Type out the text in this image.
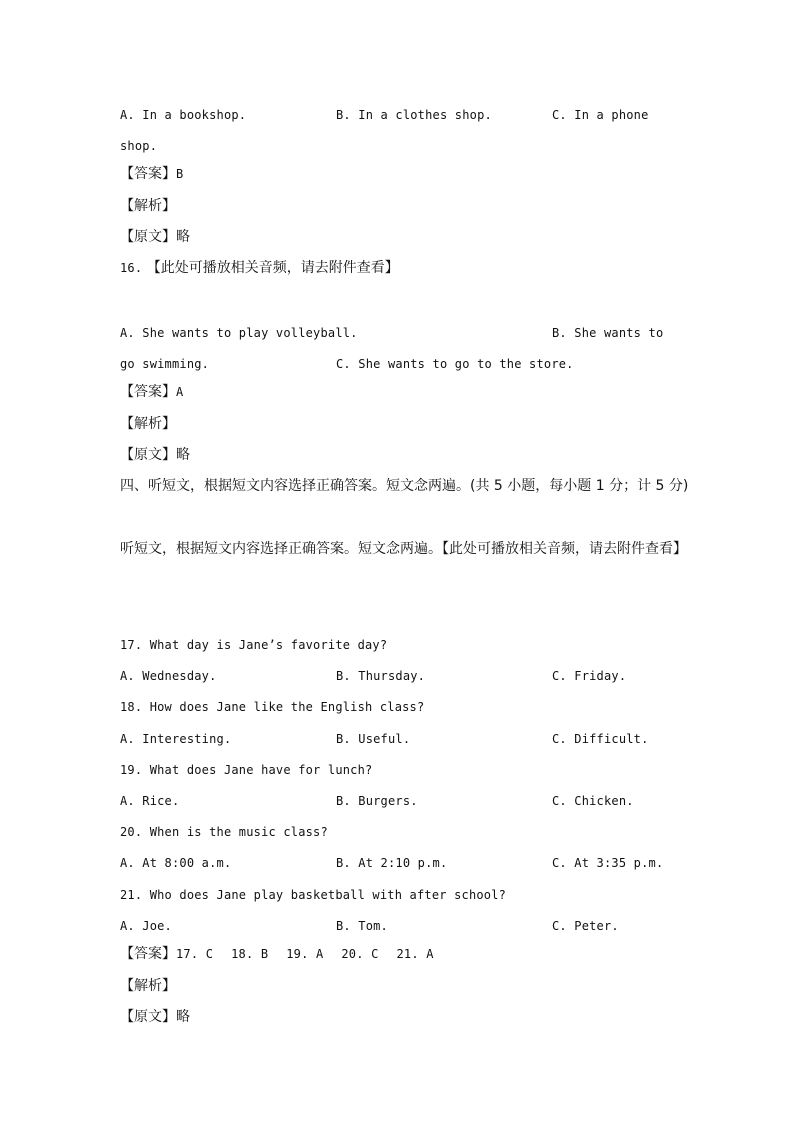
A. In a bookshop.	B. In a clothes shop.	C. In a phone
shop.
【答案】B
【解析】
【原文】略
16. 【此处可播放相关音频，请去附件查看】
A. She wants to play volleyball.	B. She wants to
go swimming.	C. She wants to go to the store.
【答案】A
【解析】
【原文】略
四、听短文，根据短文内容选择正确答案。短文念两遍。(共 5 小题，每小题 1 分；计 5 分)
听短文，根据短文内容选择正确答案。短文念两遍。【此处可播放相关音频，请去附件查看】
17. What day is Jane’s favorite day?
A. Wednesday.	B. Thursday.	C. Friday.
18. How does Jane like the English class?
A. Interesting.	B. Useful.	C. Difficult.
19. What does Jane have for lunch?
A. Rice.	B. Burgers.	C. Chicken.
20. When is the music class?
A. At 8:00 a.m.	B. At 2:10 p.m.	C. At 3:35 p.m.
21. Who does Jane play basketball with after school?
A. Joe.	B. Tom.	C. Peter.
【答案】17. C 18. B 19. A 20. C 21. A
【解析】
【原文】略
